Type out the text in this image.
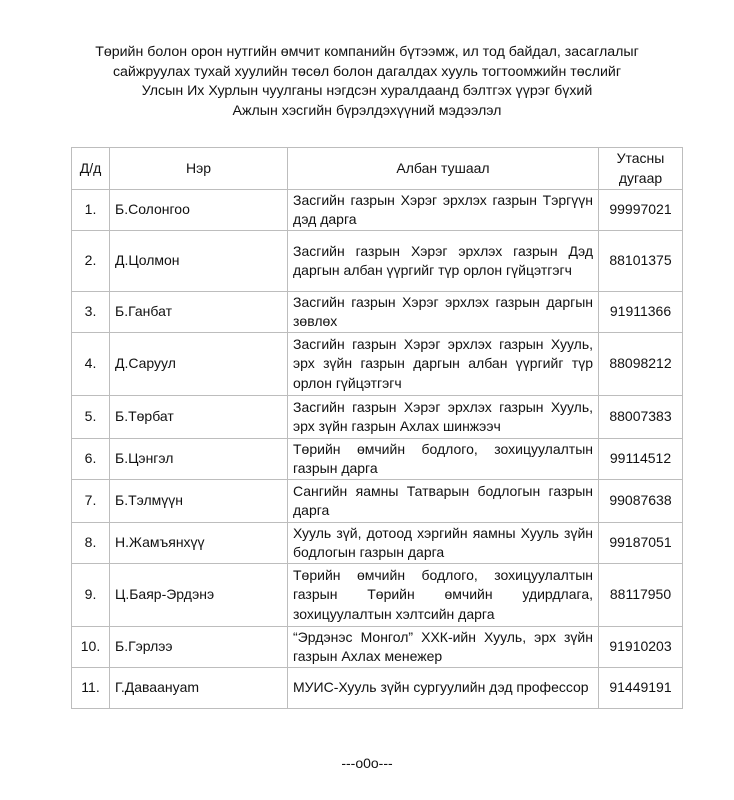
Төрийн болон орон нутгийн өмчит компанийн бүтээмж, ил тод байдал, засаглалыг
сайжруулах тухай хуулийн төсөл болон дагалдах хууль тогтоомжийн төслийг
Улсын Их Хурлын чуулганы нэгдсэн хуралдаанд бэлтгэх үүрэг бүхий
Ажлын хэсгийн бүрэлдэхүүний мэдээлэл
Д/д	Нэр	Албан тушаал	Утасны
дугаар
1.	Б.Солонгоо	Засгийн газрын Хэрэг эрхлэх газрын Тэргүүн дэд дарга	99997021
2.	Д.Цолмон	Засгийн газрын Хэрэг эрхлэх газрын Дэд даргын албан үүргийг түр орлон гүйцэтгэгч	88101375
3.	Б.Ганбат	Засгийн газрын Хэрэг эрхлэх газрын даргын зөвлөх	91911366
4.	Д.Саруул	Засгийн газрын Хэрэг эрхлэх газрын Хууль, эрх зүйн газрын даргын албан үүргийг түр орлон гүйцэтгэгч	88098212
5.	Б.Төрбат	Засгийн газрын Хэрэг эрхлэх газрын Хууль, эрх зүйн газрын Ахлах шинжээч	88007383
6.	Б.Цэнгэл	Төрийн өмчийн бодлого, зохицуулалтын газрын дарга	99114512
7.	Б.Тэлмүүн	Сангийн яамны Татварын бодлогын газрын дарга	99087638
8.	Н.Жамъянхүү	Хууль зүй, дотоод хэргийн яамны Хууль зүйн бодлогын газрын дарга	99187051
9.	Ц.Баяр-Эрдэнэ	Төрийн өмчийн бодлого, зохицуулалтын газрын Төрийн өмчийн удирдлага, зохицуулалтын хэлтсийн дарга	88117950
10.	Б.Гэрлээ	“Эрдэнэс Монгол” ХХК-ийн Хууль, эрх зүйн газрын Ахлах менежер	91910203
11.	Г.Даваанyam	МУИС-Хууль зүйн сургуулийн дэд профессор	91449191
---o0o---
